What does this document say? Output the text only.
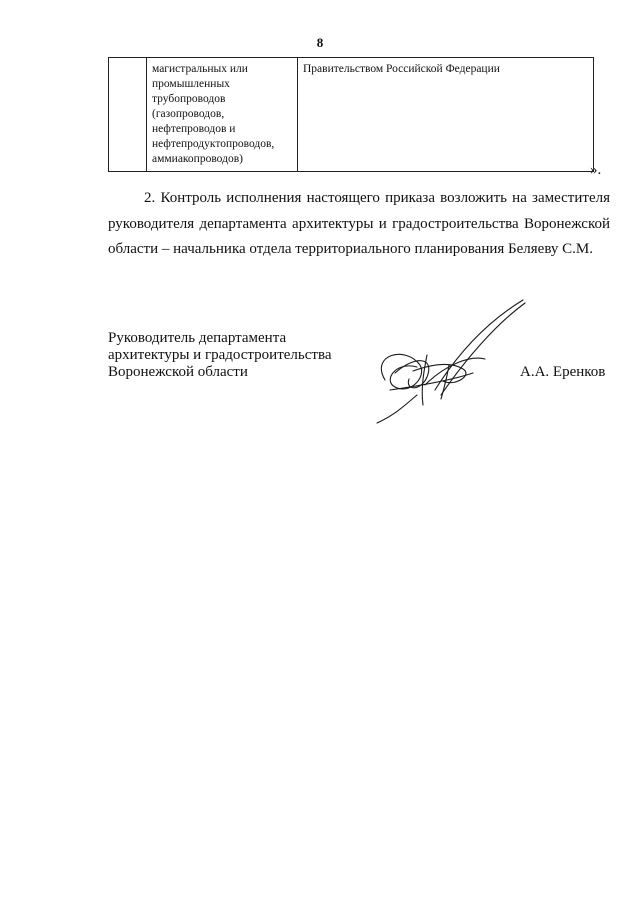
8
	магистральных или промышленных трубопроводов (газопроводов, нефтепроводов и нефтепродуктопроводов, аммиакопроводов)	Правительством Российской Федерации
».
2. Контроль исполнения настоящего приказа возложить на заместителя руководителя департамента архитектуры и градостроительства Воронежской области – начальника отдела территориального планирования Беляеву С.М.
Руководитель департамента
архитектуры и градостроительства
Воронежской области	А.А. Еренков
